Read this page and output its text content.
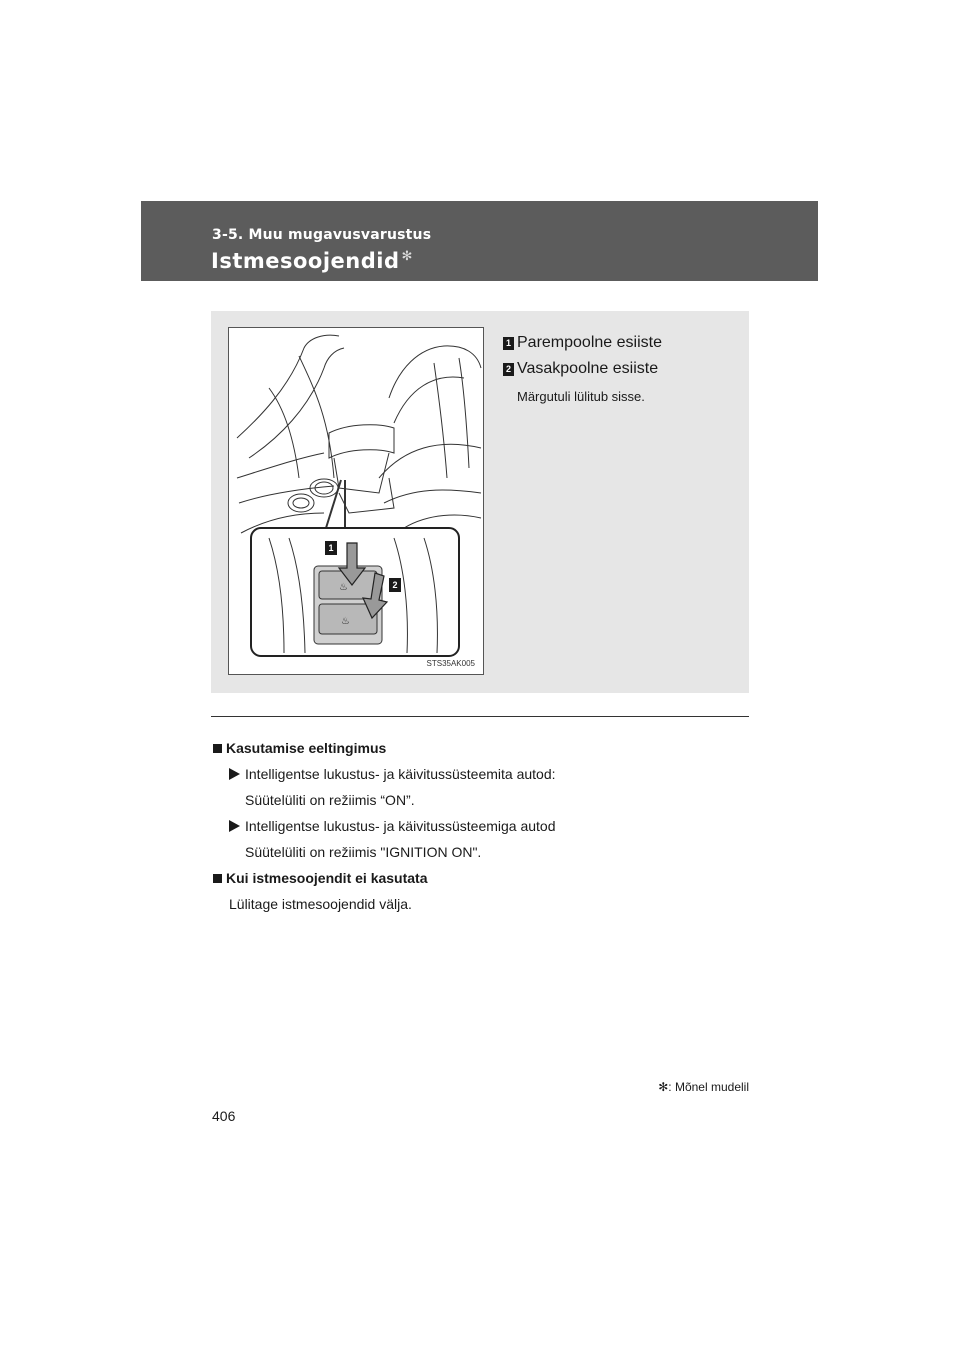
3-5. Muu mugavusvarustus
Istmesoojendid ✻
♨
♨
1
2
STS35AK005
1 Parempoolne esiiste
2 Vasakpoolne esiiste
Märgutuli lülitub sisse.
Kasutamise eeltingimus
Intelligentse lukustus- ja käivitussüsteemita autod:
Süütelüliti on režiimis “ON”.
Intelligentse lukustus- ja käivitussüsteemiga autod
Süütelüliti on režiimis "IGNITION ON".
Kui istmesoojendit ei kasutata
Lülitage istmesoojendid välja.
✻: Mõnel mudelil
406
